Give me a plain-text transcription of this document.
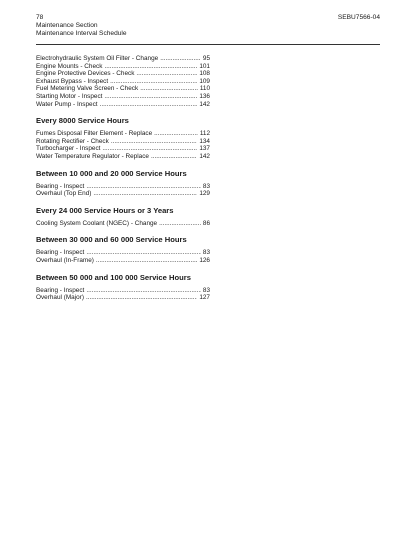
78
Maintenance Section
Maintenance Interval Schedule
SEBU7566-04
Electrohydraulic System Oil Filter - Change . . .	95
Engine Mounts - Check . . .	101
Engine Protective Devices - Check . . .	108
Exhaust Bypass - Inspect . . .	109
Fuel Metering Valve Screen - Check . . .	110
Starting Motor - Inspect . . .	136
Water Pump - Inspect . . .	142
Every 8000 Service Hours
Fumes Disposal Filter Element - Replace . . .	112
Rotating Rectifier - Check . . .	134
Turbocharger - Inspect . . .	137
Water Temperature Regulator - Replace . . .	142
Between 10 000 and 20 000 Service Hours
Bearing - Inspect . . .	83
Overhaul (Top End) . . .	129
Every 24 000 Service Hours or 3 Years
Cooling System Coolant (NGEC) - Change . . .	86
Between 30 000 and 60 000 Service Hours
Bearing - Inspect . . .	83
Overhaul (In-Frame) . . .	126
Between 50 000 and 100 000 Service Hours
Bearing - Inspect . . .	83
Overhaul (Major) . . .	127
